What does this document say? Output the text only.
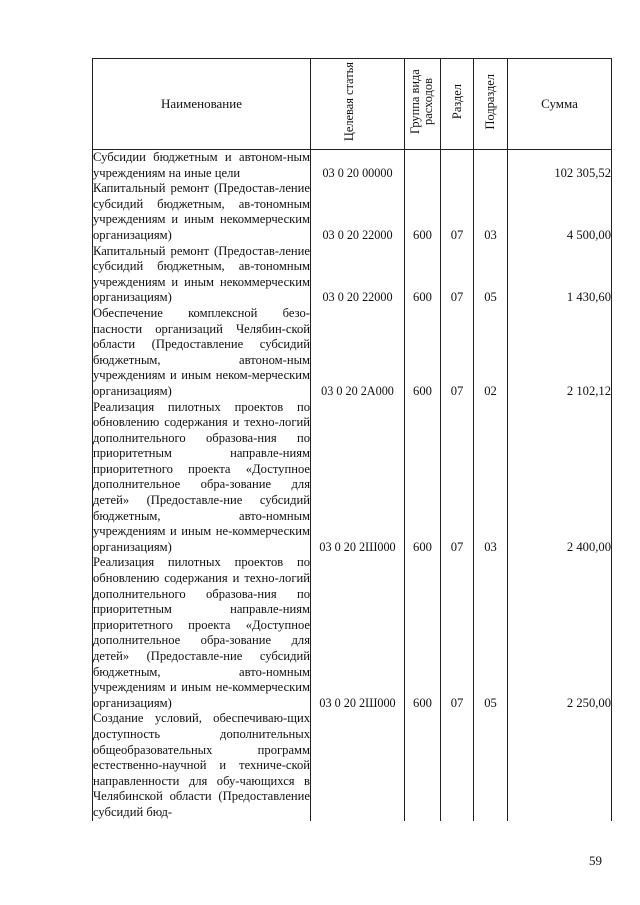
Наименование	Целевая статья	Группа вида расходов	Раздел	Подраздел	Сумма
Субсидии бюджетным и автоном-ным учреждениям на иные цели	03 0 20 00000				102 305,52
Капитальный ремонт (Предостав-ление субсидий бюджетным, ав-тономным учреждениям и иным некоммерческим организациям)	03 0 20 22000	600	07	03	4 500,00
Капитальный ремонт (Предостав-ление субсидий бюджетным, ав-тономным учреждениям и иным некоммерческим организациям)	03 0 20 22000	600	07	05	1 430,60
Обеспечение комплексной безо-пасности организаций Челябин-ской области (Предоставление субсидий бюджетным, автоном-ным учреждениям и иным неком-мерческим организациям)	03 0 20 2А000	600	07	02	2 102,12
Реализация пилотных проектов по обновлению содержания и техно-логий дополнительного образова-ния по приоритетным направле-ниям приоритетного проекта «Доступное дополнительное обра-зование для детей» (Предоставле-ние субсидий бюджетным, авто-номным учреждениям и иным не-коммерческим организациям)	03 0 20 2Ш000	600	07	03	2 400,00
Реализация пилотных проектов по обновлению содержания и техно-логий дополнительного образова-ния по приоритетным направле-ниям приоритетного проекта «Доступное дополнительное обра-зование для детей» (Предоставле-ние субсидий бюджетным, авто-номным учреждениям и иным не-коммерческим организациям)	03 0 20 2Ш000	600	07	05	2 250,00
Создание условий, обеспечиваю-щих доступность дополнительных общеобразовательных программ естественно-научной и техниче-ской направленности для обу-чающихся в Челябинской области (Предоставление субсидий бюд-					
59
